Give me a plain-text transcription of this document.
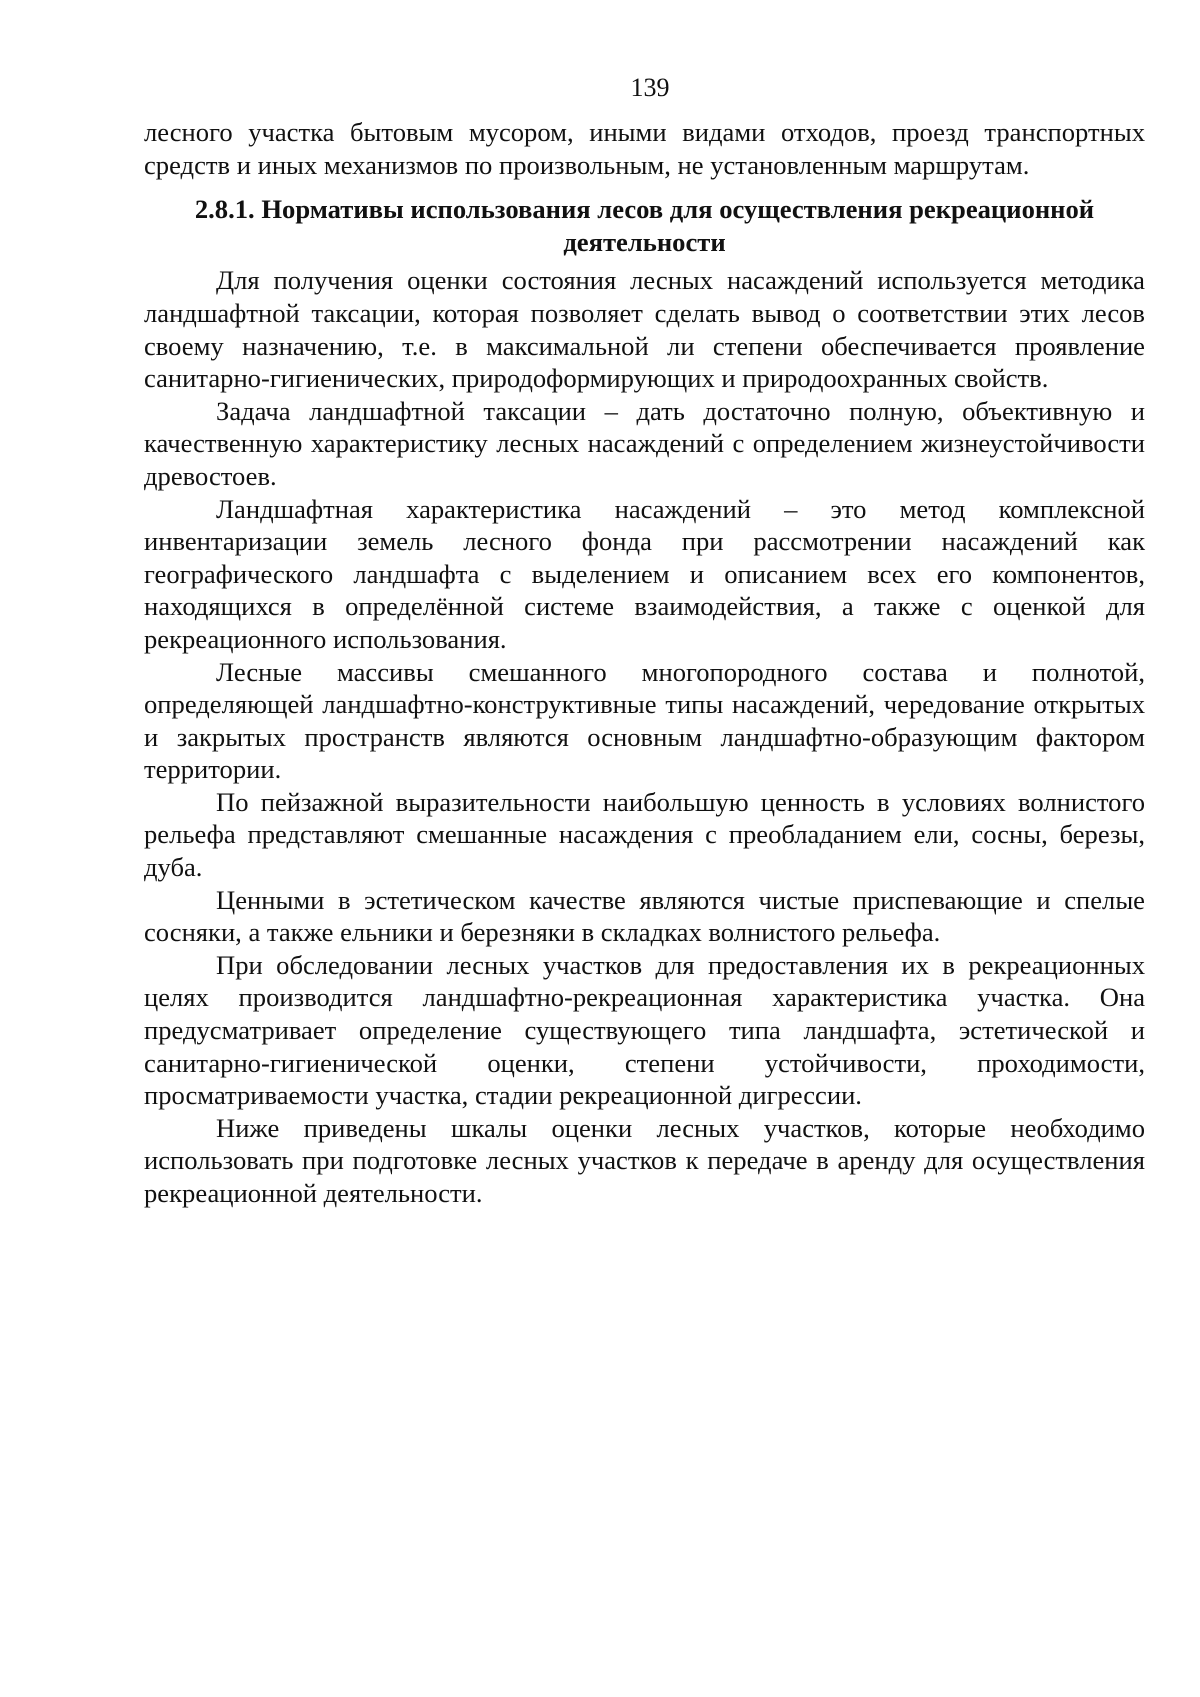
139

лесного участка бытовым мусором, иными видами отходов, проезд транспортных средств и иных механизмов по произвольным, не установленным маршрутам.

2.8.1. Нормативы использования лесов для осуществления рекреационной деятельности

Для получения оценки состояния лесных насаждений используется методика ландшафтной таксации, которая позволяет сделать вывод о соответствии этих лесов своему назначению, т.е. в максимальной ли степени обеспечивается проявление санитарно-гигиенических, природоформирующих и природоохранных свойств.

Задача ландшафтной таксации – дать достаточно полную, объективную и качественную характеристику лесных насаждений с определением жизнеустойчивости древостоев.

Ландшафтная характеристика насаждений – это метод комплексной инвентаризации земель лесного фонда при рассмотрении насаждений как географического ландшафта с выделением и описанием всех его компонентов, находящихся в определённой системе взаимодействия, а также с оценкой для рекреационного использования.

Лесные массивы смешанного многопородного состава и полнотой, определяющей ландшафтно-конструктивные типы насаждений, чередование открытых и закрытых пространств являются основным ландшафтно-образующим фактором территории.

По пейзажной выразительности наибольшую ценность в условиях волнистого рельефа представляют смешанные насаждения с преобладанием ели, сосны, березы, дуба.

Ценными в эстетическом качестве являются чистые приспевающие и спелые сосняки, а также ельники и березняки в складках волнистого рельефа.

При обследовании лесных участков для предоставления их в рекреационных целях производится ландшафтно-рекреационная характеристика участка. Она предусматривает определение существующего типа ландшафта, эстетической и санитарно-гигиенической оценки, степени устойчивости, проходимости, просматриваемости участка, стадии рекреационной дигрессии.

Ниже приведены шкалы оценки лесных участков, которые необходимо использовать при подготовке лесных участков к передаче в аренду для осуществления рекреационной деятельности.
